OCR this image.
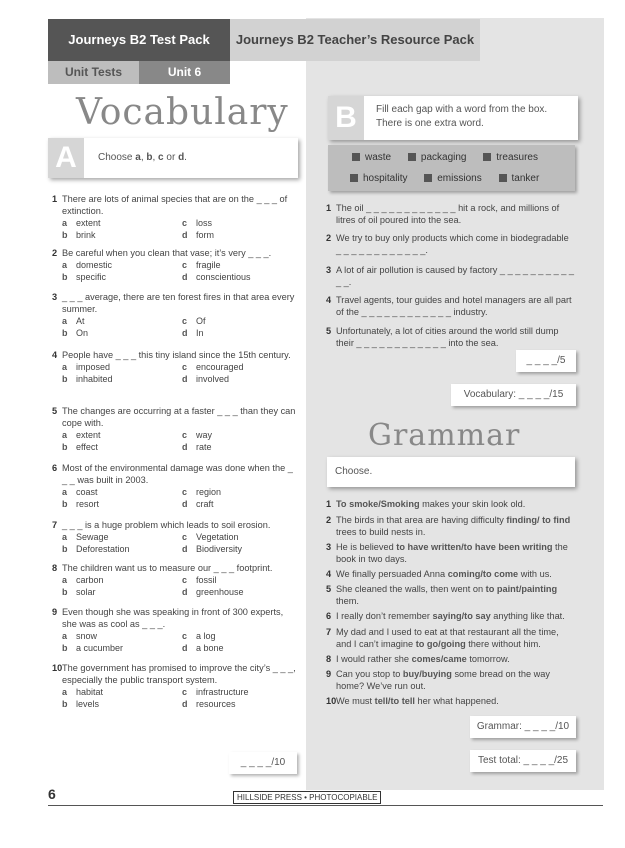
Journeys B2 Test Pack	Journeys B2 Teacher’s Resource Pack
Unit Tests	Unit 6
Vocabulary
A	Choose a, b, c or d.
1 There are lots of animal species that are on the _ _ _ of extinction.
a extent	c loss
b brink	d form
2 Be careful when you clean that vase; it’s very _ _ _.
a domestic	c fragile
b specific	d conscientious
3 _ _ _ average, there are ten forest fires in that area every summer.
a At	c Of
b On	d In
4 People have _ _ _ this tiny island since the 15th century.
a imposed	c encouraged
b inhabited	d involved
5 The changes are occurring at a faster _ _ _ than they can cope with.
a extent	c way
b effect	d rate
6 Most of the environmental damage was done when the _ _ _ was built in 2003.
a coast	c region
b resort	d craft
7 _ _ _ is a huge problem which leads to soil erosion.
a Sewage	c Vegetation
b Deforestation	d Biodiversity
8 The children want us to measure our _ _ _ footprint.
a carbon	c fossil
b solar	d greenhouse
9 Even though she was speaking in front of 300 experts, she was as cool as _ _ _.
a snow	c a log
b a cucumber	d a bone
10 The government has promised to improve the city’s _ _ _, especially the public transport system.
a habitat	c infrastructure
b levels	d resources
_ _ _ _/10
B	Fill each gap with a word from the box. There is one extra word.
waste	packaging	treasures
hospitality	emissions	tanker
1 The oil _ _ _ _ _ _ _ _ _ _ _ _ hit a rock, and millions of litres of oil poured into the sea.
2 We try to buy only products which come in biodegradable _ _ _ _ _ _ _ _ _ _ _ _.
3 A lot of air pollution is caused by factory _ _ _ _ _ _ _ _ _ _ _ _.
4 Travel agents, tour guides and hotel managers are all part of the _ _ _ _ _ _ _ _ _ _ _ _ industry.
5 Unfortunately, a lot of cities around the world still dump their _ _ _ _ _ _ _ _ _ _ _ _ into the sea.
_ _ _ _/5
Vocabulary: _ _ _ _/15
Grammar
Choose.
1 To smoke/Smoking makes your skin look old.
2 The birds in that area are having difficulty finding/ to find trees to build nests in.
3 He is believed to have written/to have been writing the book in two days.
4 We finally persuaded Anna coming/to come with us.
5 She cleaned the walls, then went on to paint/painting them.
6 I really don’t remember saying/to say anything like that.
7 My dad and I used to eat at that restaurant all the time, and I can’t imagine to go/going there without him.
8 I would rather she comes/came tomorrow.
9 Can you stop to buy/buying some bread on the way home? We’ve run out.
10 We must tell/to tell her what happened.
Grammar: _ _ _ _/10
Test total: _ _ _ _/25
6	HILLSIDE PRESS • PHOTOCOPIABLE
